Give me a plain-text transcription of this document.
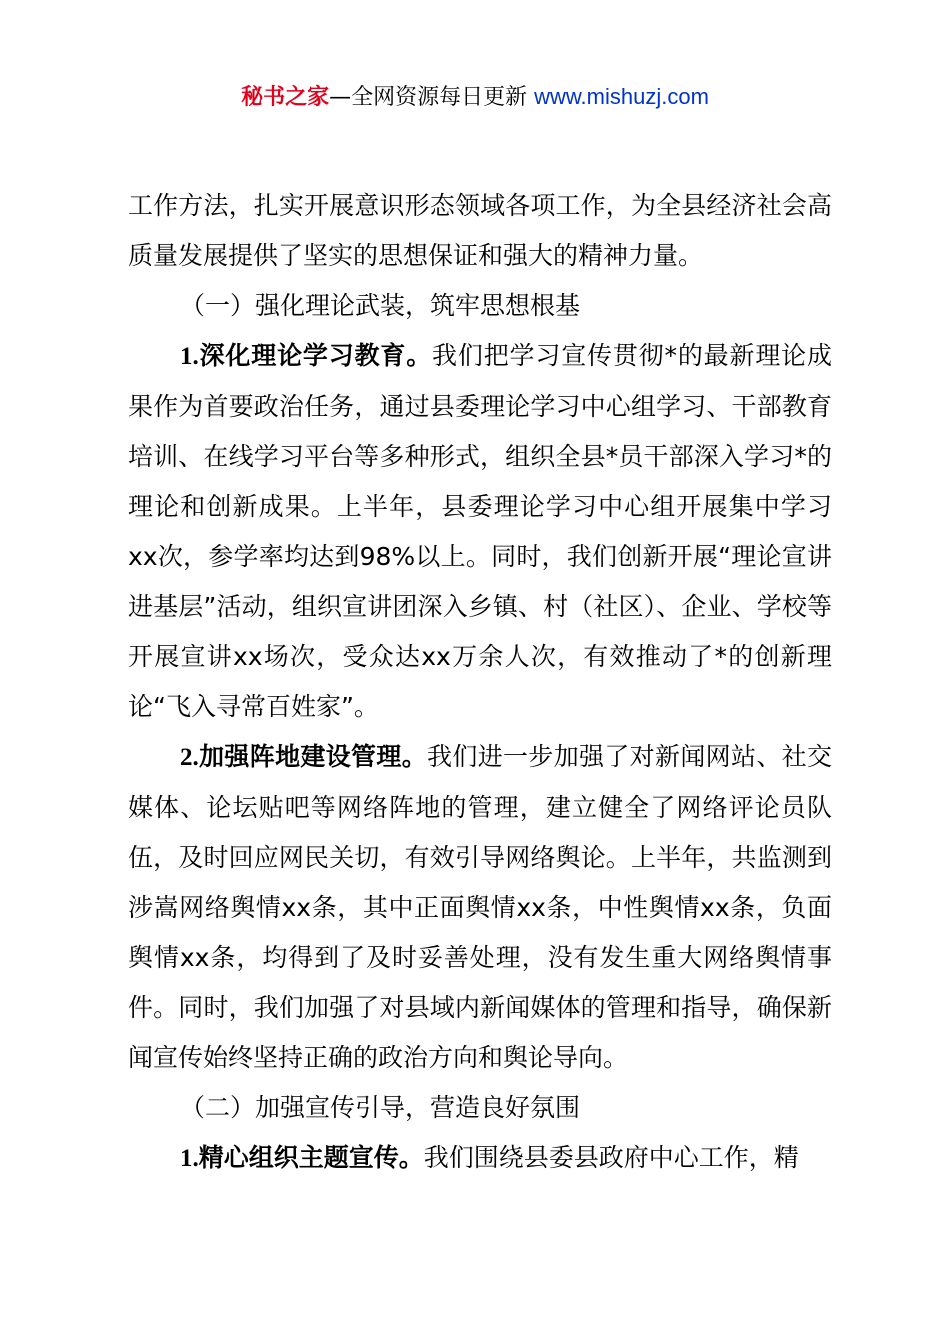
秘书之家—全网资源每日更新 www.mishuzj.com

工作方法，扎实开展意识形态领域各项工作，为全县经济社会高质量发展提供了坚实的思想保证和强大的精神力量。

（一）强化理论武装，筑牢思想根基

1.深化理论学习教育。我们把学习宣传贯彻*的最新理论成果作为首要政治任务，通过县委理论学习中心组学习、干部教育培训、在线学习平台等多种形式，组织全县*员干部深入学习*的理论和创新成果。上半年，县委理论学习中心组开展集中学习xx次，参学率均达到98%以上。同时，我们创新开展“理论宣讲进基层”活动，组织宣讲团深入乡镇、村（社区）、企业、学校等开展宣讲xx场次，受众达xx万余人次，有效推动了*的创新理论“飞入寻常百姓家”。

2.加强阵地建设管理。我们进一步加强了对新闻网站、社交媒体、论坛贴吧等网络阵地的管理，建立健全了网络评论员队伍，及时回应网民关切，有效引导网络舆论。上半年，共监测到涉嵩网络舆情xx条，其中正面舆情xx条，中性舆情xx条，负面舆情xx条，均得到了及时妥善处理，没有发生重大网络舆情事件。同时，我们加强了对县域内新闻媒体的管理和指导，确保新闻宣传始终坚持正确的政治方向和舆论导向。

（二）加强宣传引导，营造良好氛围

1.精心组织主题宣传。我们围绕县委县政府中心工作，精
